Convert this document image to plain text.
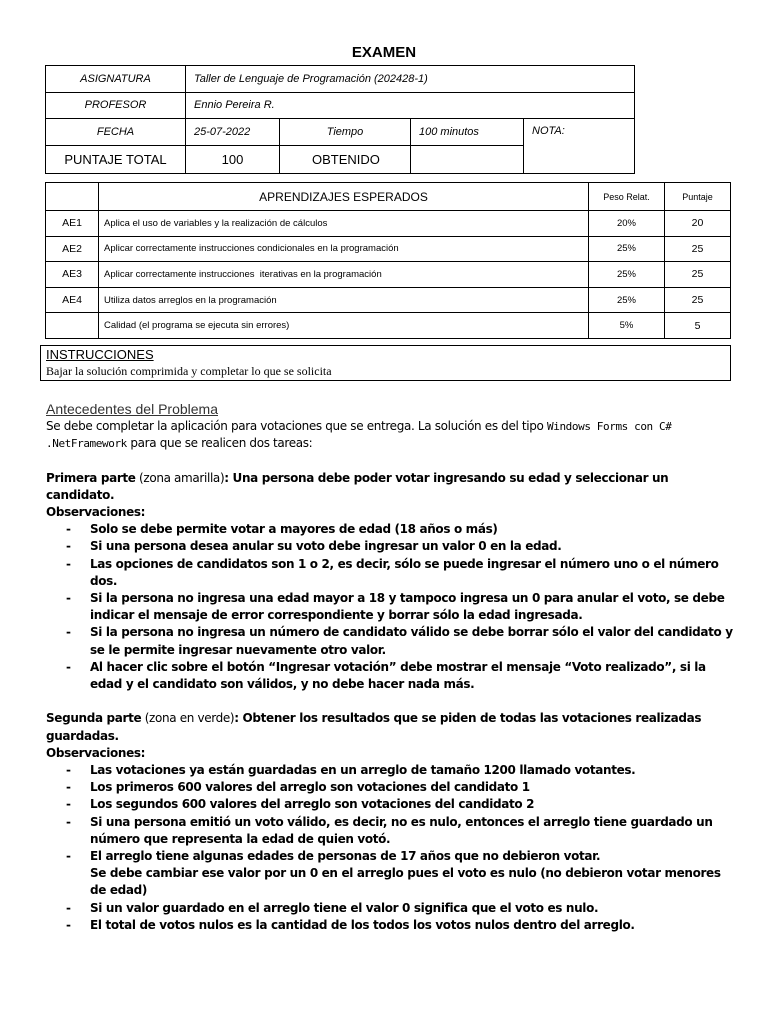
EXAMEN
ASIGNATURA	Taller de Lenguaje de Programación (202428-1)			
PROFESOR	Ennio Pereira R.			
FECHA	25-07-2022	Tiempo	100 minutos	NOTA:
PUNTAJE TOTAL	100	OBTENIDO		
	APRENDIZAJES ESPERADOS	Peso Relat.	Puntaje
AE1	Aplica el uso de variables y la realización de cálculos	20%	20
AE2	Aplicar correctamente instrucciones condicionales en la programación	25%	25
AE3	Aplicar correctamente instrucciones  iterativas en la programación	25%	25
AE4	Utiliza datos arreglos en la programación	25%	25
	Calidad (el programa se ejecuta sin errores)	5%	5
INSTRUCCIONES
Bajar la solución comprimida y completar lo que se solicita
Antecedentes del Problema
Se debe completar la aplicación para votaciones que se entrega. La solución es del tipo Windows Forms con C#
.NetFramework para que se realicen dos tareas:
Primera parte (zona amarilla): Una persona debe poder votar ingresando su edad y seleccionar un candidato.
Observaciones:
- Solo se debe permite votar a mayores de edad (18 años o más)
- Si una persona desea anular su voto debe ingresar un valor 0 en la edad.
- Las opciones de candidatos son 1 o 2, es decir, sólo se puede ingresar el número uno o el número dos.
- Si la persona no ingresa una edad mayor a 18 y tampoco ingresa un 0 para anular el voto, se debe indicar el mensaje de error correspondiente y borrar sólo la edad ingresada.
- Si la persona no ingresa un número de candidato válido se debe borrar sólo el valor del candidato y se le permite ingresar nuevamente otro valor.
- Al hacer clic sobre el botón “Ingresar votación” debe mostrar el mensaje “Voto realizado”, si la edad y el candidato son válidos, y no debe hacer nada más.
Segunda parte (zona en verde): Obtener los resultados que se piden de todas las votaciones realizadas guardadas.
Observaciones:
- Las votaciones ya están guardadas en un arreglo de tamaño 1200 llamado votantes.
- Los primeros 600 valores del arreglo son votaciones del candidato 1
- Los segundos 600 valores del arreglo son votaciones del candidato 2
- Si una persona emitió un voto válido, es decir, no es nulo, entonces el arreglo tiene guardado un número que representa la edad de quien votó.
- El arreglo tiene algunas edades de personas de 17 años que no debieron votar.
Se debe cambiar ese valor por un 0 en el arreglo pues el voto es nulo (no debieron votar menores de edad)
- Si un valor guardado en el arreglo tiene el valor 0 significa que el voto es nulo.
- El total de votos nulos es la cantidad de los todos los votos nulos dentro del arreglo.
